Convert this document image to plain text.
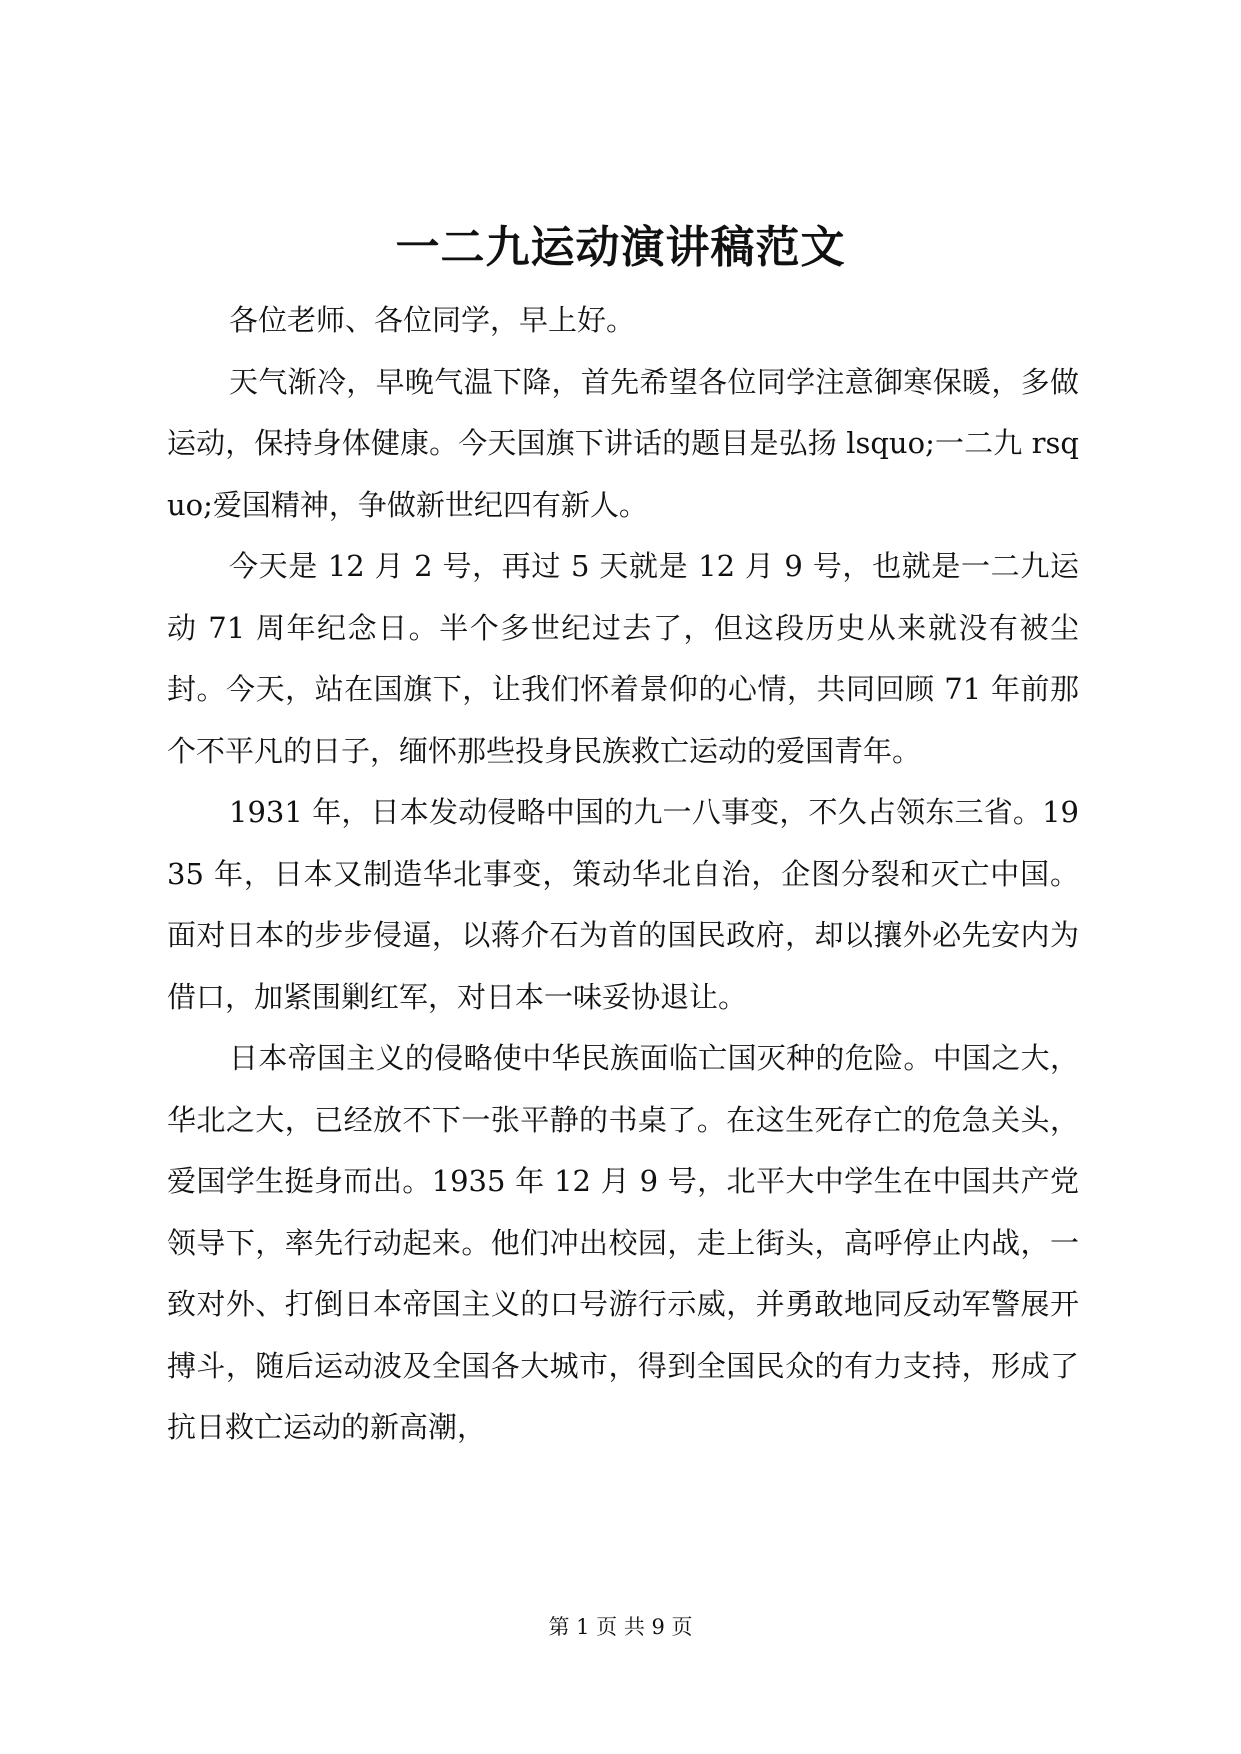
一二九运动演讲稿范文

各位老师、各位同学，早上好。

天气渐冷，早晚气温下降，首先希望各位同学注意御寒保暖，多做运动，保持身体健康。今天国旗下讲话的题目是弘扬 lsquo;一二九 rsquo;爱国精神，争做新世纪四有新人。

今天是 12 月 2 号，再过 5 天就是 12 月 9 号，也就是一二九运动 71 周年纪念日。半个多世纪过去了，但这段历史从来就没有被尘封。今天，站在国旗下，让我们怀着景仰的心情，共同回顾 71 年前那个不平凡的日子，缅怀那些投身民族救亡运动的爱国青年。

1931 年，日本发动侵略中国的九一八事变，不久占领东三省。1935 年，日本又制造华北事变，策动华北自治，企图分裂和灭亡中国。面对日本的步步侵逼，以蒋介石为首的国民政府，却以攘外必先安内为借口，加紧围剿红军，对日本一味妥协退让。

日本帝国主义的侵略使中华民族面临亡国灭种的危险。中国之大，华北之大，已经放不下一张平静的书桌了。在这生死存亡的危急关头，爱国学生挺身而出。1935 年 12 月 9 号，北平大中学生在中国共产党领导下，率先行动起来。他们冲出校园，走上街头，高呼停止内战，一致对外、打倒日本帝国主义的口号游行示威，并勇敢地同反动军警展开搏斗，随后运动波及全国各大城市，得到全国民众的有力支持，形成了抗日救亡运动的新高潮，

第 1 页 共 9 页
